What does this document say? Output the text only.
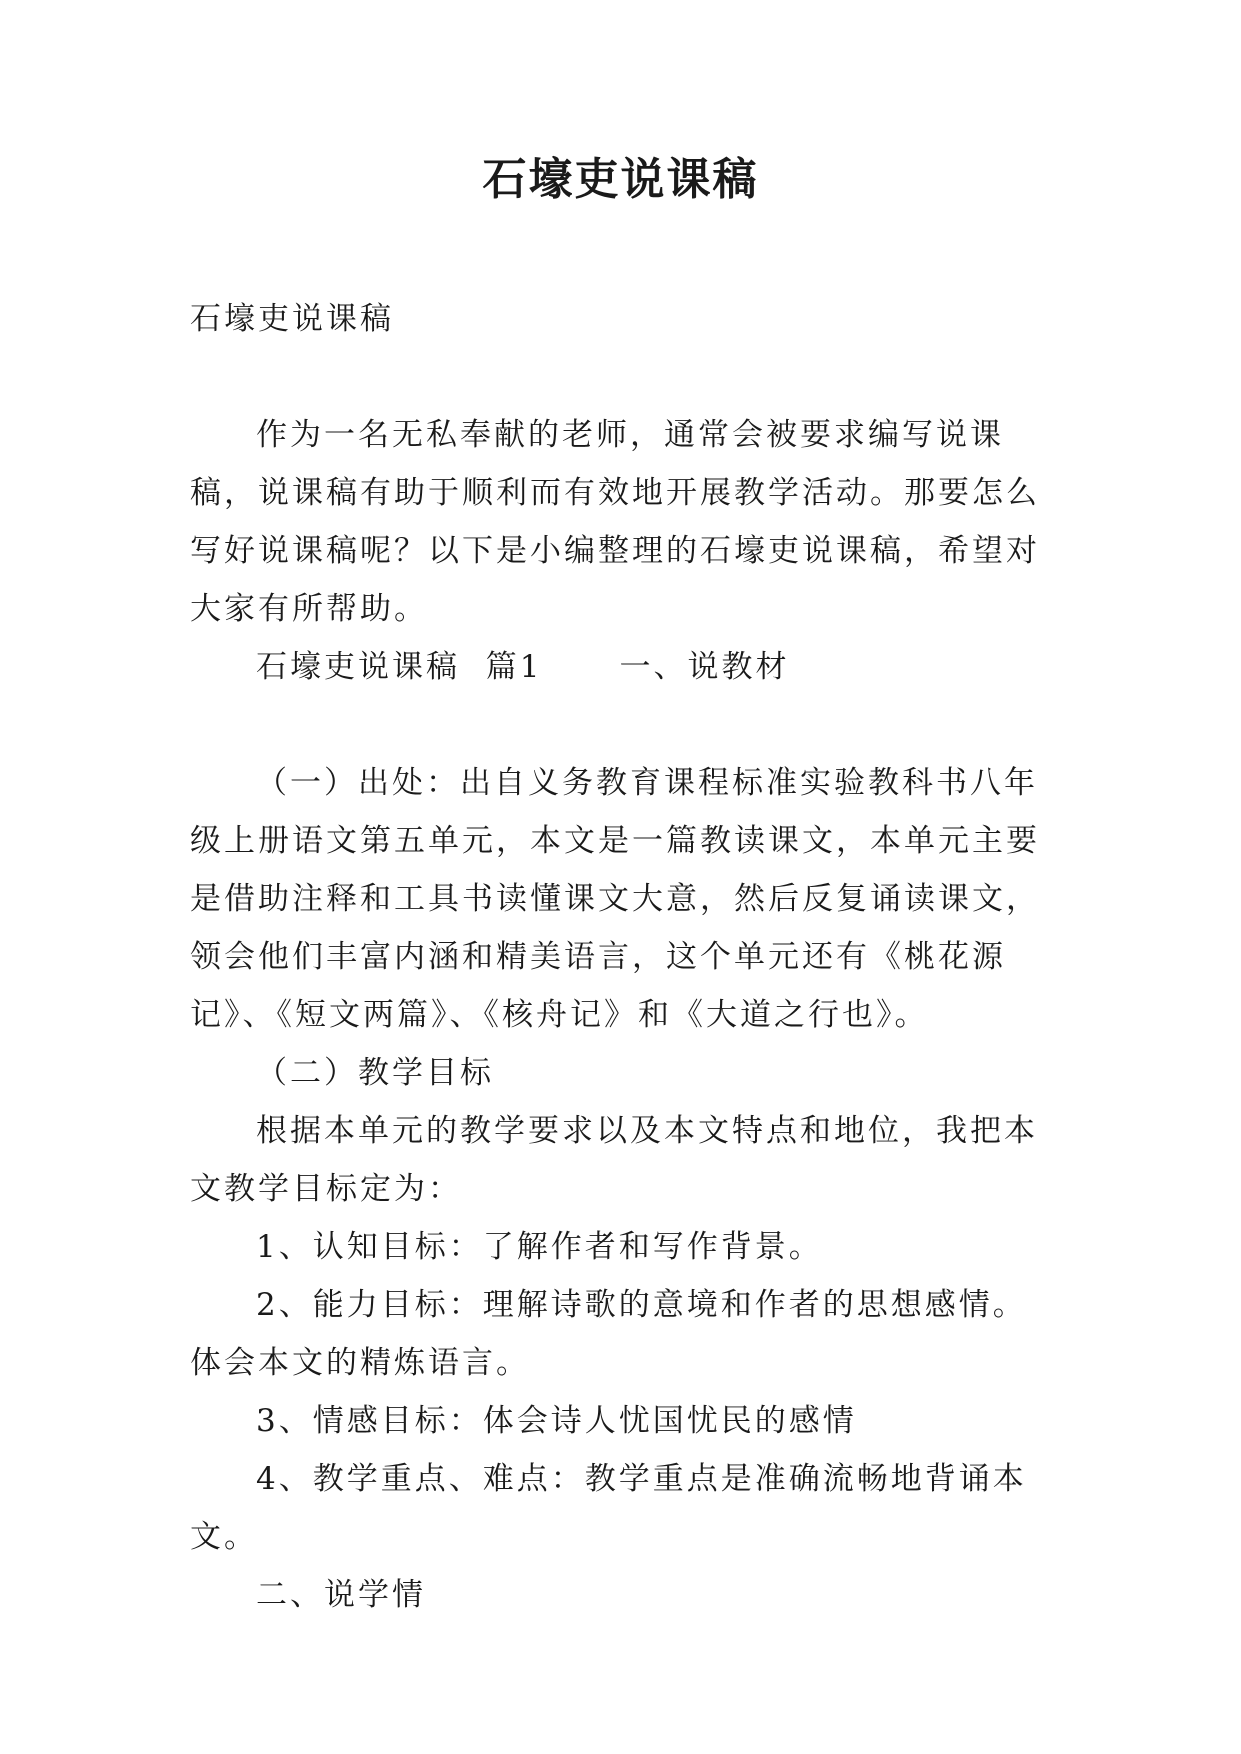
石壕吏说课稿

石壕吏说课稿

作为一名无私奉献的老师，通常会被要求编写说课稿，说课稿有助于顺利而有效地开展教学活动。那要怎么写好说课稿呢？以下是小编整理的石壕吏说课稿，希望对大家有所帮助。

石壕吏说课稿  篇1      一、说教材

（一）出处：出自义务教育课程标准实验教科书八年级上册语文第五单元，本文是一篇教读课文，本单元主要是借助注释和工具书读懂课文大意，然后反复诵读课文，领会他们丰富内涵和精美语言，这个单元还有《桃花源记》、《短文两篇》、《核舟记》和《大道之行也》。

（二）教学目标

根据本单元的教学要求以及本文特点和地位，我把本文教学目标定为：

1、认知目标：了解作者和写作背景。

2、能力目标：理解诗歌的意境和作者的思想感情。体会本文的精炼语言。

3、情感目标：体会诗人忧国忧民的感情

4、教学重点、难点：教学重点是准确流畅地背诵本文。

二、说学情
